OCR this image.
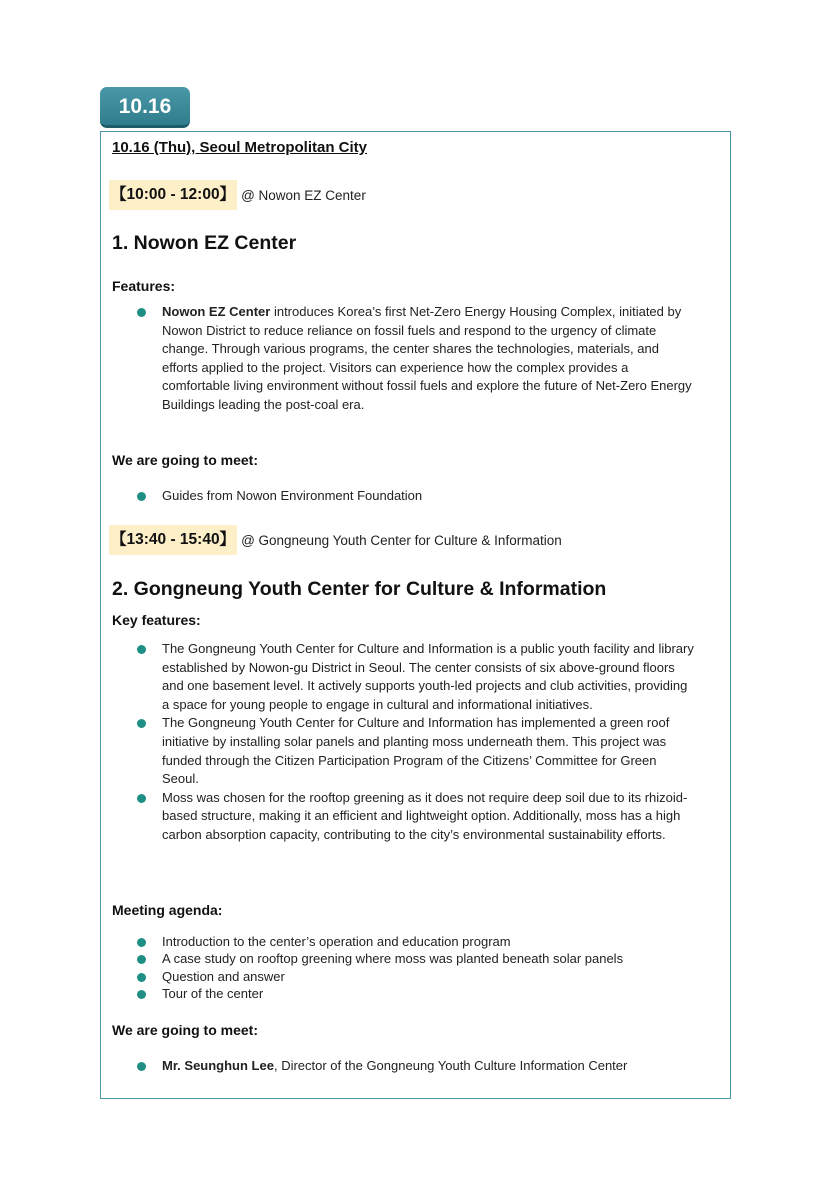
10.16

10.16 (Thu), Seoul Metropolitan City

【10:00 - 12:00】 @ Nowon EZ Center

1. Nowon EZ Center

Features:

Nowon EZ Center introduces Korea’s first Net-Zero Energy Housing Complex, initiated by Nowon District to reduce reliance on fossil fuels and respond to the urgency of climate change. Through various programs, the center shares the technologies, materials, and efforts applied to the project. Visitors can experience how the complex provides a comfortable living environment without fossil fuels and explore the future of Net-Zero Energy Buildings leading the post-coal era.

We are going to meet:

Guides from Nowon Environment Foundation
【13:40 - 15:40】 @ Gongneung Youth Center for Culture & Information

2. Gongneung Youth Center for Culture & Information

Key features:

The Gongneung Youth Center for Culture and Information is a public youth facility and library established by Nowon-gu District in Seoul. The center consists of six above-ground floors and one basement level. It actively supports youth-led projects and club activities, providing a space for young people to engage in cultural and informational initiatives.
The Gongneung Youth Center for Culture and Information has implemented a green roof initiative by installing solar panels and planting moss underneath them. This project was funded through the Citizen Participation Program of the Citizens’ Committee for Green Seoul.
Moss was chosen for the rooftop greening as it does not require deep soil due to its rhizoid-based structure, making it an efficient and lightweight option. Additionally, moss has a high carbon absorption capacity, contributing to the city’s environmental sustainability efforts.

Meeting agenda:

Introduction to the center’s operation and education program
A case study on rooftop greening where moss was planted beneath solar panels
Question and answer
Tour of the center

We are going to meet:

Mr. Seunghun Lee, Director of the Gongneung Youth Culture Information Center
